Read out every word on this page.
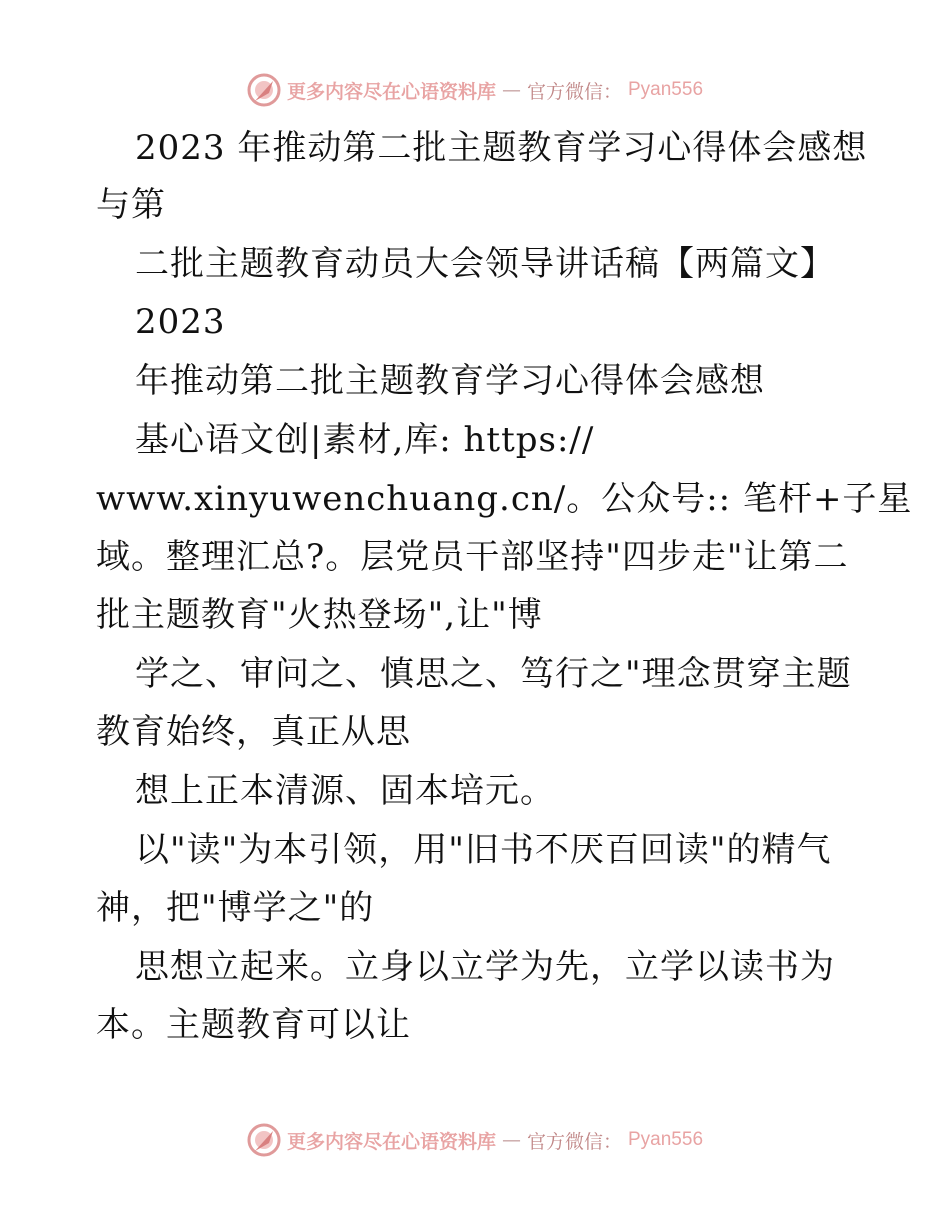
更多内容尽在心语资料库 — 官方微信： Pyan556
2023 年推动第二批主题教育学习心得体会感想
与第
二批主题教育动员大会领导讲话稿【两篇文】
2023
年推动第二批主题教育学习心得体会感想
基心语文创|素材,库: https://
www.xinyuwenchuang.cn/。公众号:: 笔杆+子星
域。整理汇总?。层党员干部坚持"四步走"让第二
批主题教育"火热登场",让"博
学之、审问之、慎思之、笃行之"理念贯穿主题
教育始终，真正从思
想上正本清源、固本培元。
以"读"为本引领，用"旧书不厌百回读"的精气
神，把"博学之"的
思想立起来。立身以立学为先，立学以读书为
本。主题教育可以让
更多内容尽在心语资料库 — 官方微信： Pyan556
